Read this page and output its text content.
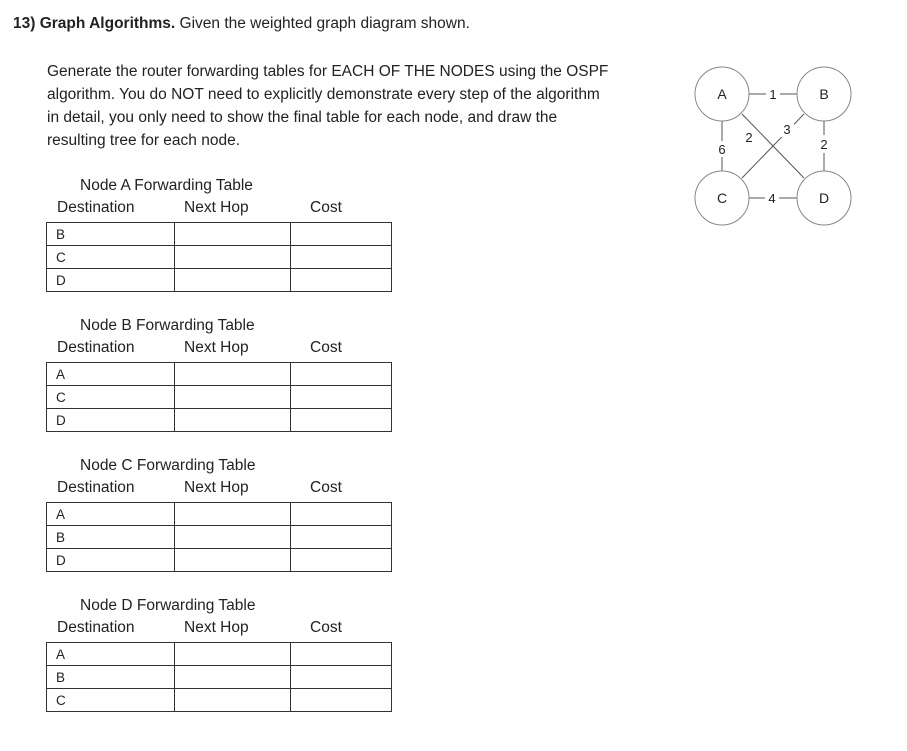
13) Graph Algorithms. Given the weighted graph diagram shown.
Generate the router forwarding tables for EACH OF THE NODES using the OSPF
algorithm. You do NOT need to explicitly demonstrate every step of the algorithm
in detail, you only need to show the final table for each node, and draw the
resulting tree for each node.
Node A Forwarding Table
Destination	Next Hop	Cost
B		
C		
D		
Node B Forwarding Table
Destination	Next Hop	Cost
A		
C		
D		
Node C Forwarding Table
Destination	Next Hop	Cost
A		
B		
D		
Node D Forwarding Table
Destination	Next Hop	Cost
A		
B		
C		
1
2
3
6	2
4
A	B
C	D
